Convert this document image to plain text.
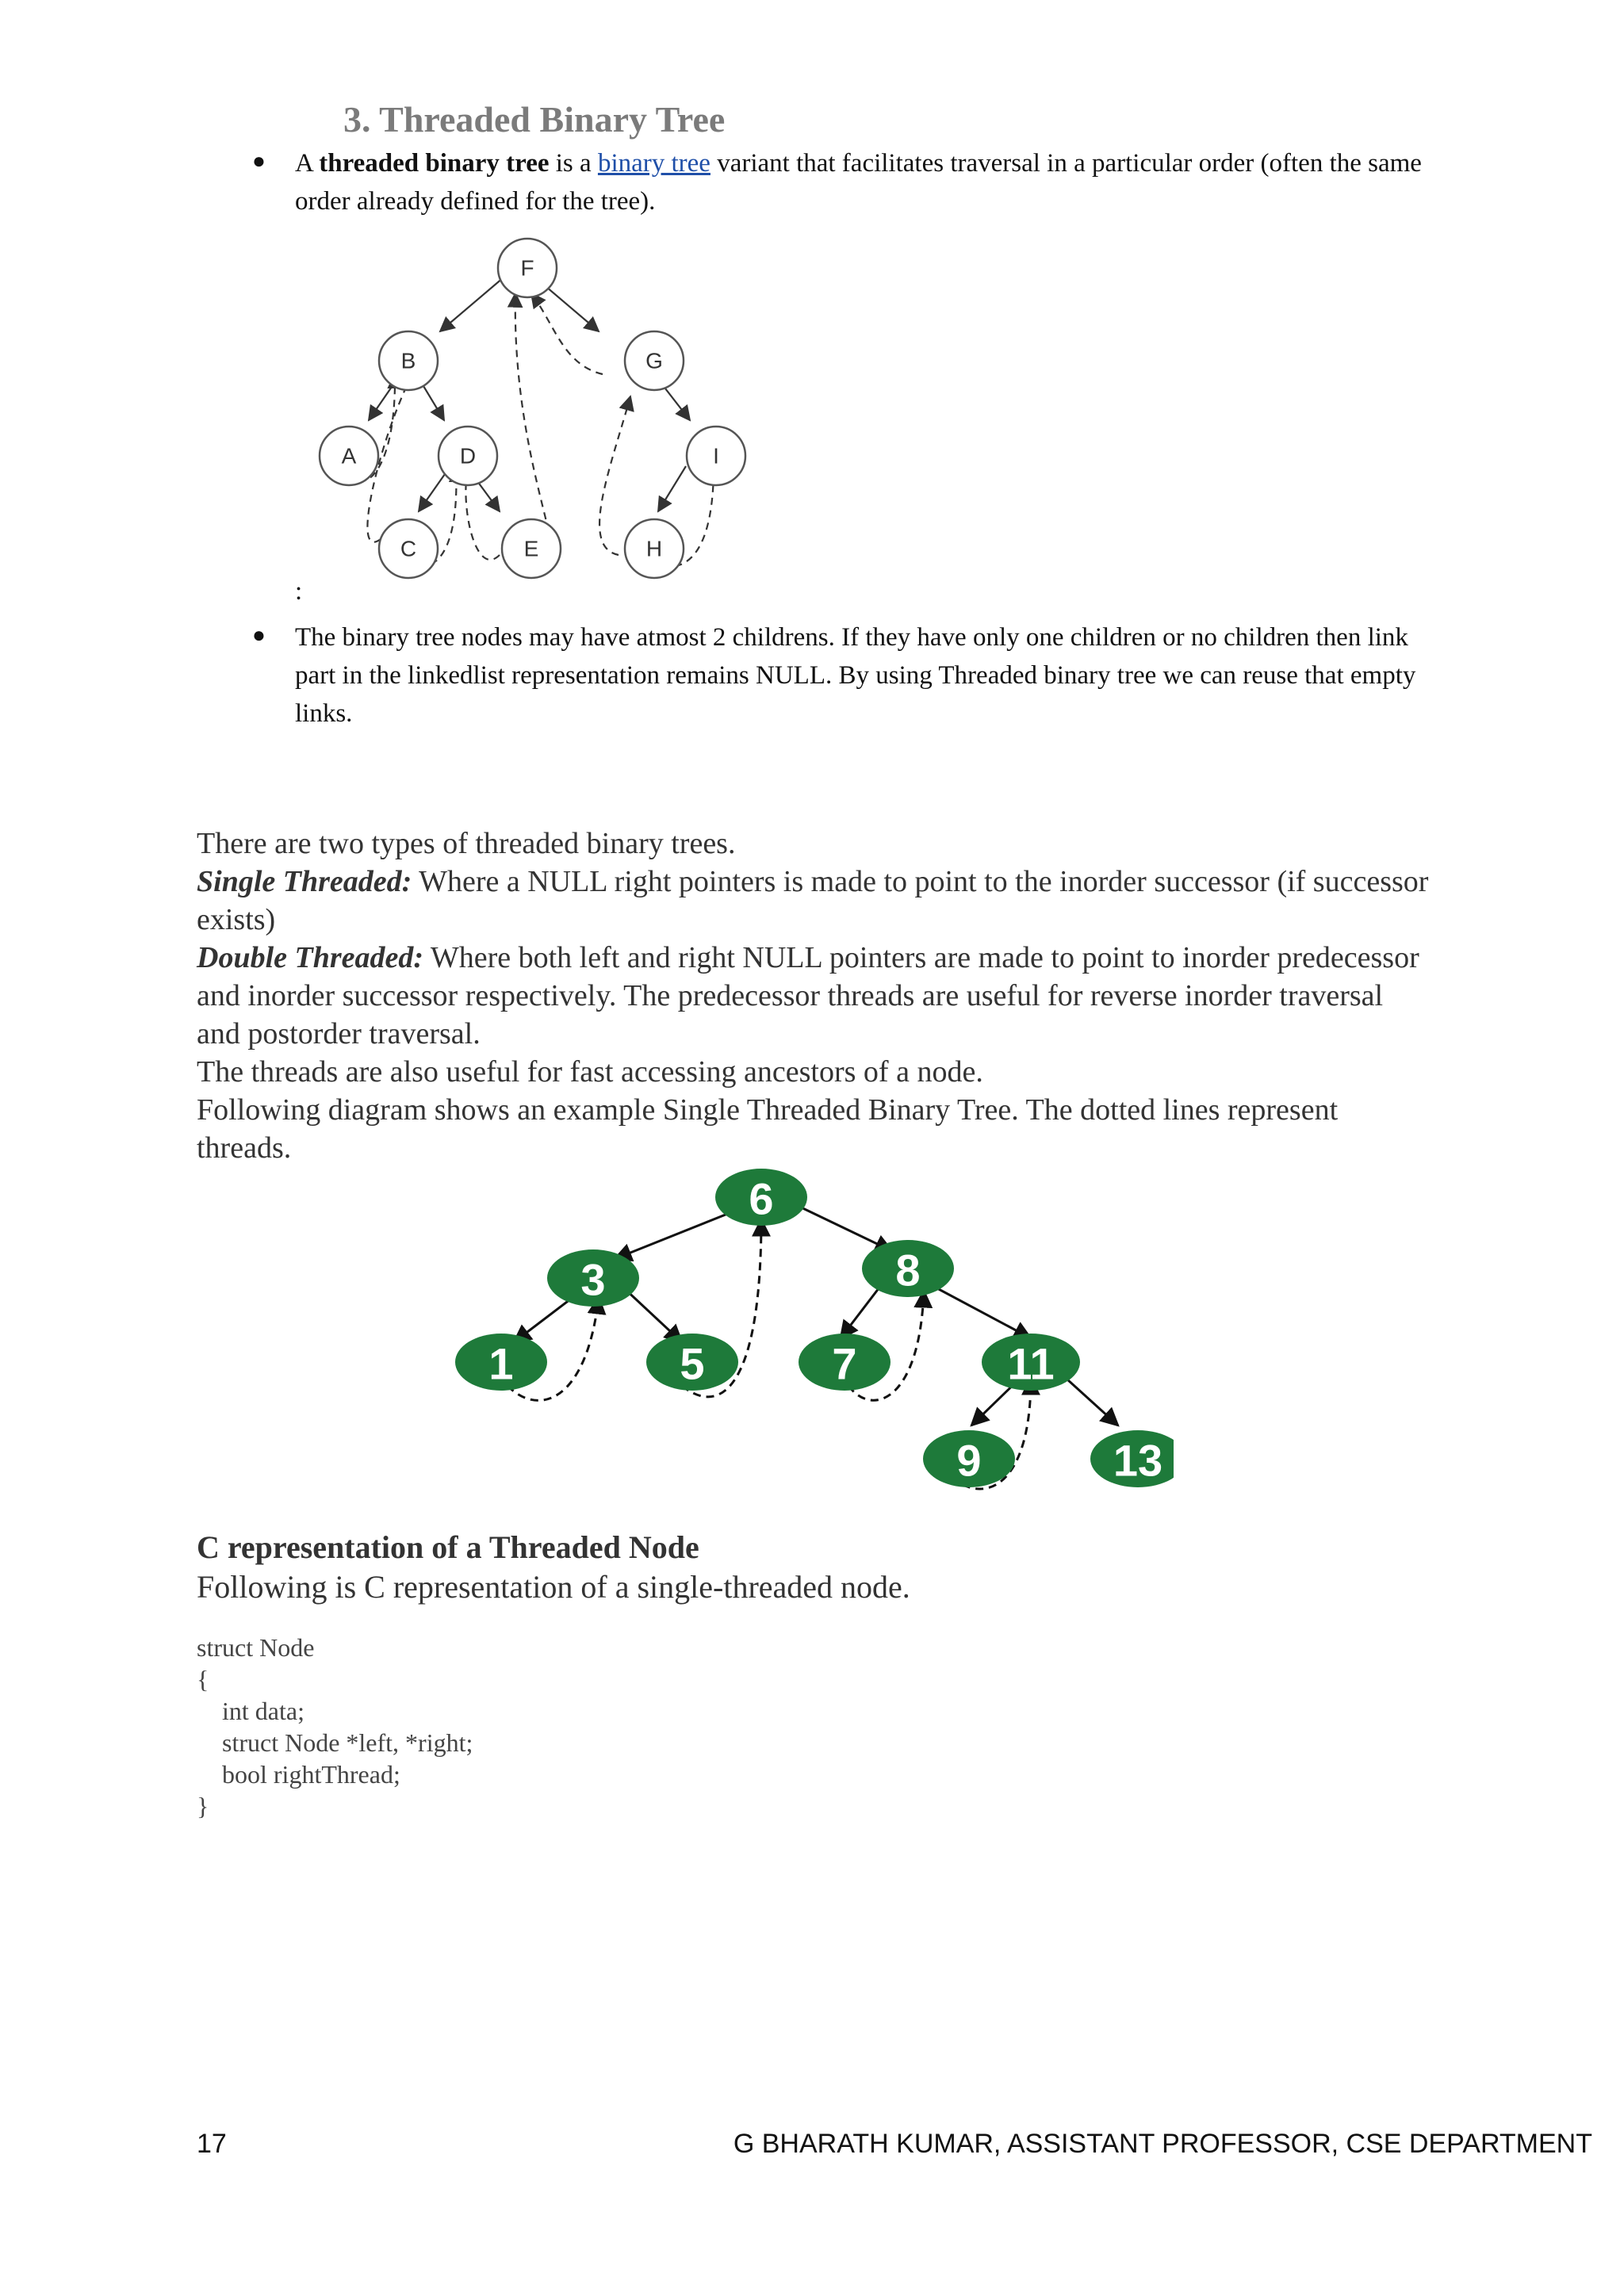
3. Threaded Binary Tree
● A threaded binary tree is a binary tree variant that facilitates traversal in a particular order (often the same order already defined for the tree).
F
B	G
A	D	I
C	E	H
:
● The binary tree nodes may have atmost 2 childrens. If they have only one children or no children then link part in the linkedlist representation remains NULL. By using Threaded binary tree we can reuse that empty links.

There are two types of threaded binary trees.

Single Threaded: Where a NULL right pointers is made to point to the inorder successor (if successor exists)

Double Threaded: Where both left and right NULL pointers are made to point to inorder predecessor and inorder successor respectively. The predecessor threads are useful for reverse inorder traversal and postorder traversal.

The threads are also useful for fast accessing ancestors of a node.

Following diagram shows an example Single Threaded Binary Tree. The dotted lines represent threads.

6
3	8
1	5	7	11
9	13
C representation of a Threaded Node
Following is C representation of a single-threaded node.
struct Node
{
int data;
struct Node *left, *right;
bool rightThread;
}
17	G BHARATH KUMAR, ASSISTANT PROFESSOR, CSE DEPARTMENT
